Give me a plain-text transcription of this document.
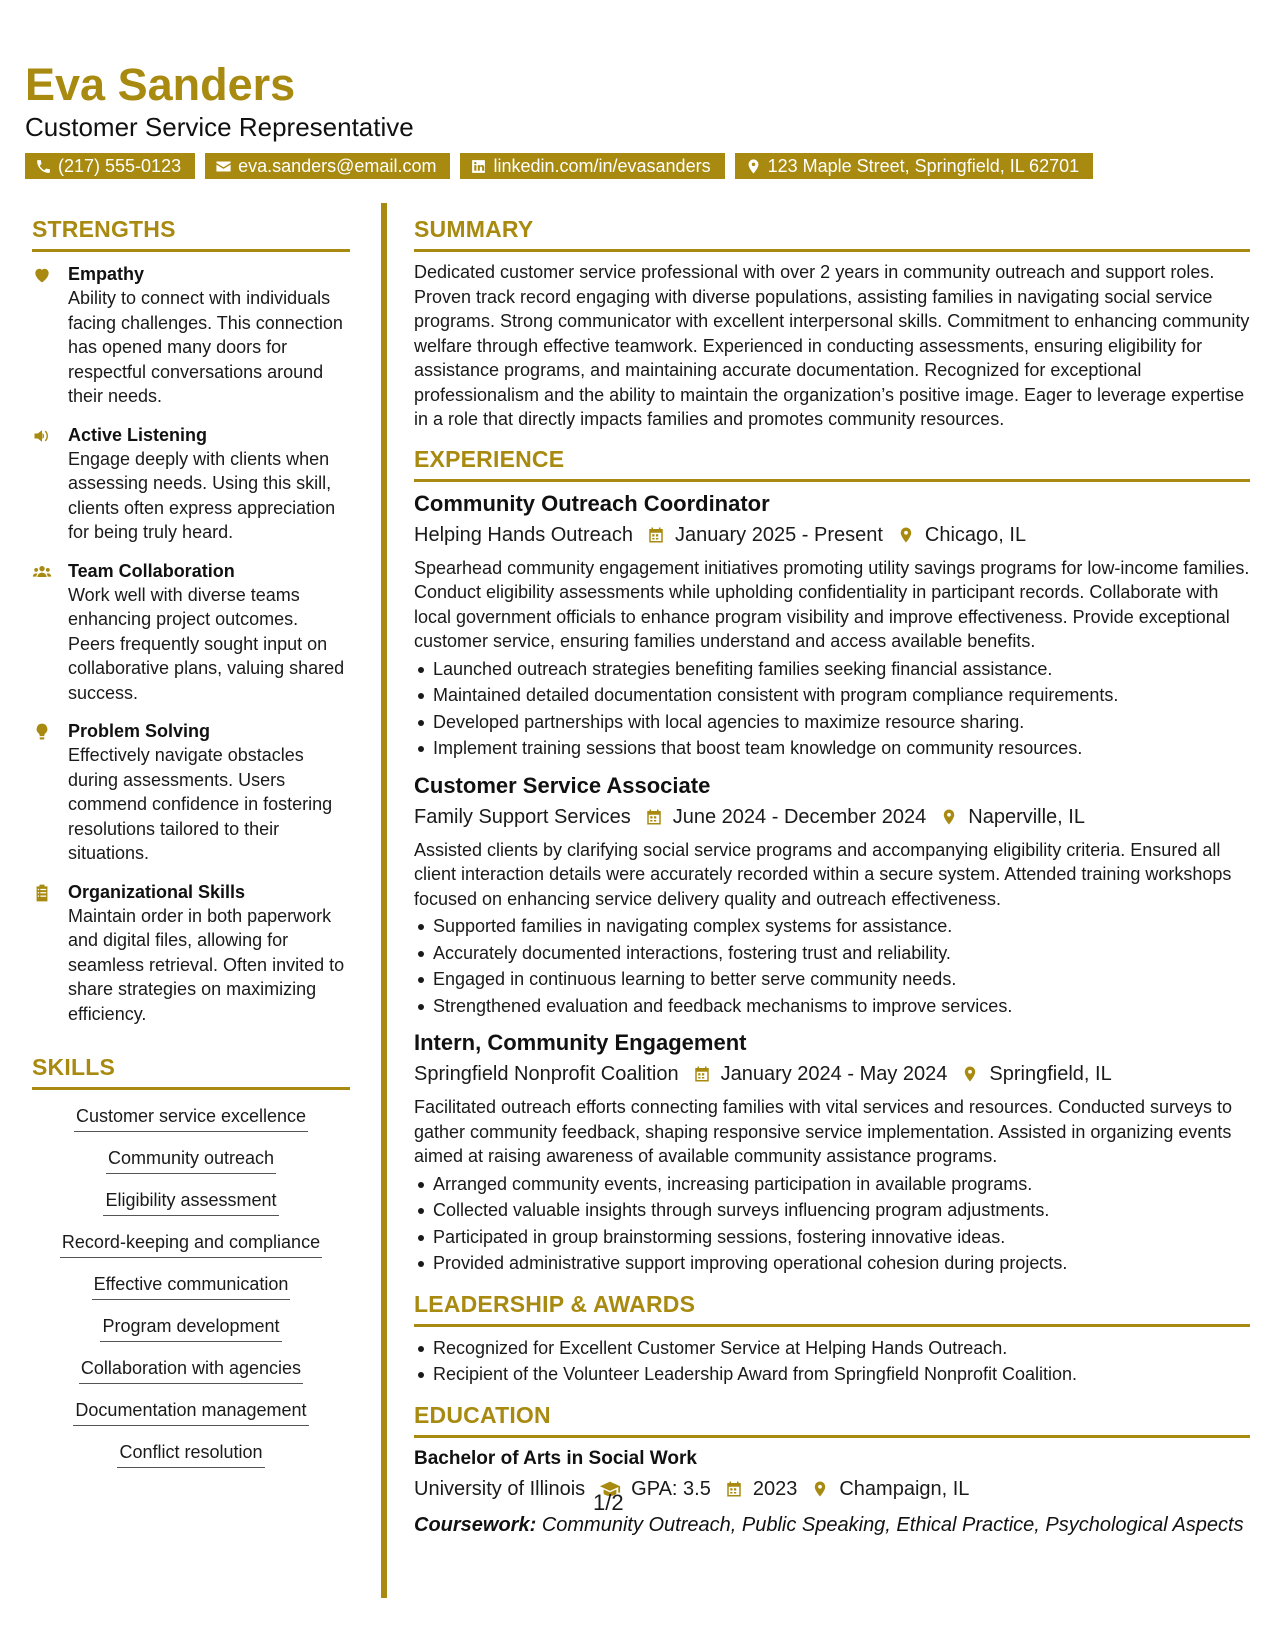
Eva Sanders
Customer Service Representative
(217) 555-0123	eva.sanders@email.com	linkedin.com/in/evasanders	123 Maple Street, Springfield, IL 62701
STRENGTHS
Empathy
Ability to connect with individuals facing challenges. This connection has opened many doors for respectful conversations around their needs.
Active Listening
Engage deeply with clients when assessing needs. Using this skill, clients often express appreciation for being truly heard.
Team Collaboration
Work well with diverse teams enhancing project outcomes. Peers frequently sought input on collaborative plans, valuing shared success.
Problem Solving
Effectively navigate obstacles during assessments. Users commend confidence in fostering resolutions tailored to their situations.
Organizational Skills
Maintain order in both paperwork and digital files, allowing for seamless retrieval. Often invited to share strategies on maximizing efficiency.
SKILLS
Customer service excellence
Community outreach
Eligibility assessment
Record-keeping and compliance
Effective communication
Program development
Collaboration with agencies
Documentation management
Conflict resolution
SUMMARY
Dedicated customer service professional with over 2 years in community outreach and support roles. Proven track record engaging with diverse populations, assisting families in navigating social service programs. Strong communicator with excellent interpersonal skills. Commitment to enhancing community welfare through effective teamwork. Experienced in conducting assessments, ensuring eligibility for assistance programs, and maintaining accurate documentation. Recognized for exceptional professionalism and the ability to maintain the organization’s positive image. Eager to leverage expertise in a role that directly impacts families and promotes community resources.
EXPERIENCE
Community Outreach Coordinator
Helping Hands Outreach January 2025 - Present Chicago, IL
Spearhead community engagement initiatives promoting utility savings programs for low-income families. Conduct eligibility assessments while upholding confidentiality in participant records. Collaborate with local government officials to enhance program visibility and improve effectiveness. Provide exceptional customer service, ensuring families understand and access available benefits.
Launched outreach strategies benefiting families seeking financial assistance.
Maintained detailed documentation consistent with program compliance requirements.
Developed partnerships with local agencies to maximize resource sharing.
Implement training sessions that boost team knowledge on community resources.
Customer Service Associate
Family Support Services June 2024 - December 2024 Naperville, IL
Assisted clients by clarifying social service programs and accompanying eligibility criteria. Ensured all client interaction details were accurately recorded within a secure system. Attended training workshops focused on enhancing service delivery quality and outreach effectiveness.
Supported families in navigating complex systems for assistance.
Accurately documented interactions, fostering trust and reliability.
Engaged in continuous learning to better serve community needs.
Strengthened evaluation and feedback mechanisms to improve services.
Intern, Community Engagement
Springfield Nonprofit Coalition January 2024 - May 2024 Springfield, IL
Facilitated outreach efforts connecting families with vital services and resources. Conducted surveys to gather community feedback, shaping responsive service implementation. Assisted in organizing events aimed at raising awareness of available community assistance programs.
Arranged community events, increasing participation in available programs.
Collected valuable insights through surveys influencing program adjustments.
Participated in group brainstorming sessions, fostering innovative ideas.
Provided administrative support improving operational cohesion during projects.
LEADERSHIP & AWARDS
Recognized for Excellent Customer Service at Helping Hands Outreach.
Recipient of the Volunteer Leadership Award from Springfield Nonprofit Coalition.
EDUCATION
Bachelor of Arts in Social Work
University of Illinois GPA: 3.5 2023 Champaign, IL
Coursework: Community Outreach, Public Speaking, Ethical Practice, Psychological Aspects
1/2
